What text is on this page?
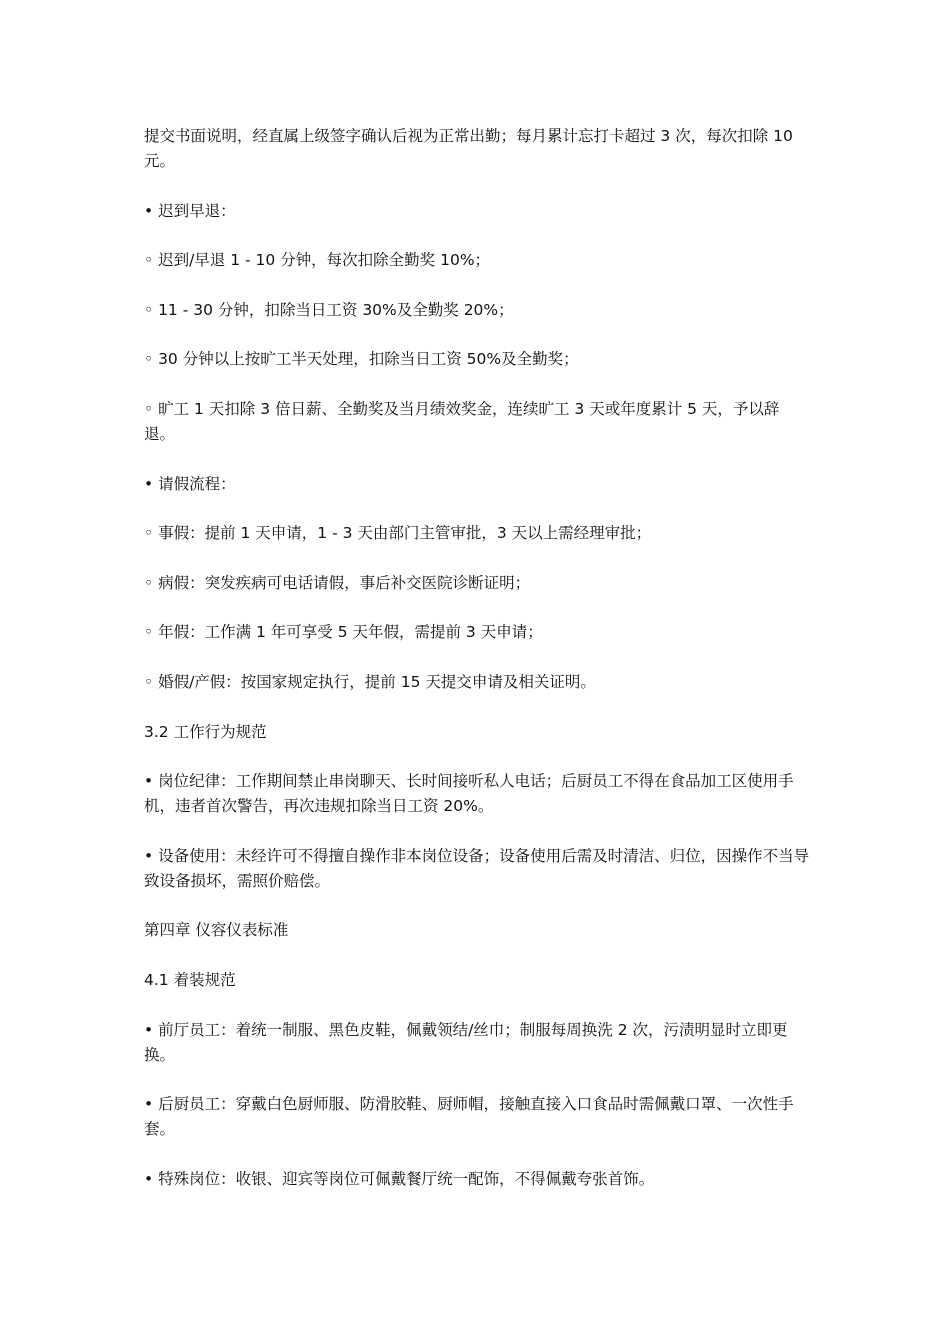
提交书面说明，经直属上级签字确认后视为正常出勤；每月累计忘打卡超过 3 次，每次扣除 10 元。

• 迟到早退：

◦ 迟到/早退 1 - 10 分钟，每次扣除全勤奖 10%；

◦ 11 - 30 分钟，扣除当日工资 30%及全勤奖 20%；

◦ 30 分钟以上按旷工半天处理，扣除当日工资 50%及全勤奖；

◦ 旷工 1 天扣除 3 倍日薪、全勤奖及当月绩效奖金，连续旷工 3 天或年度累计 5 天，予以辞退。

• 请假流程：

◦ 事假：提前 1 天申请，1 - 3 天由部门主管审批，3 天以上需经理审批；

◦ 病假：突发疾病可电话请假，事后补交医院诊断证明；

◦ 年假：工作满 1 年可享受 5 天年假，需提前 3 天申请；

◦ 婚假/产假：按国家规定执行，提前 15 天提交申请及相关证明。

3.2 工作行为规范

• 岗位纪律：工作期间禁止串岗聊天、长时间接听私人电话；后厨员工不得在食品加工区使用手机，违者首次警告，再次违规扣除当日工资 20%。

• 设备使用：未经许可不得擅自操作非本岗位设备；设备使用后需及时清洁、归位，因操作不当导致设备损坏，需照价赔偿。

第四章 仪容仪表标准

4.1 着装规范

• 前厅员工：着统一制服、黑色皮鞋，佩戴领结/丝巾；制服每周换洗 2 次，污渍明显时立即更换。

• 后厨员工：穿戴白色厨师服、防滑胶鞋、厨师帽，接触直接入口食品时需佩戴口罩、一次性手套。

• 特殊岗位：收银、迎宾等岗位可佩戴餐厅统一配饰，不得佩戴夸张首饰。
